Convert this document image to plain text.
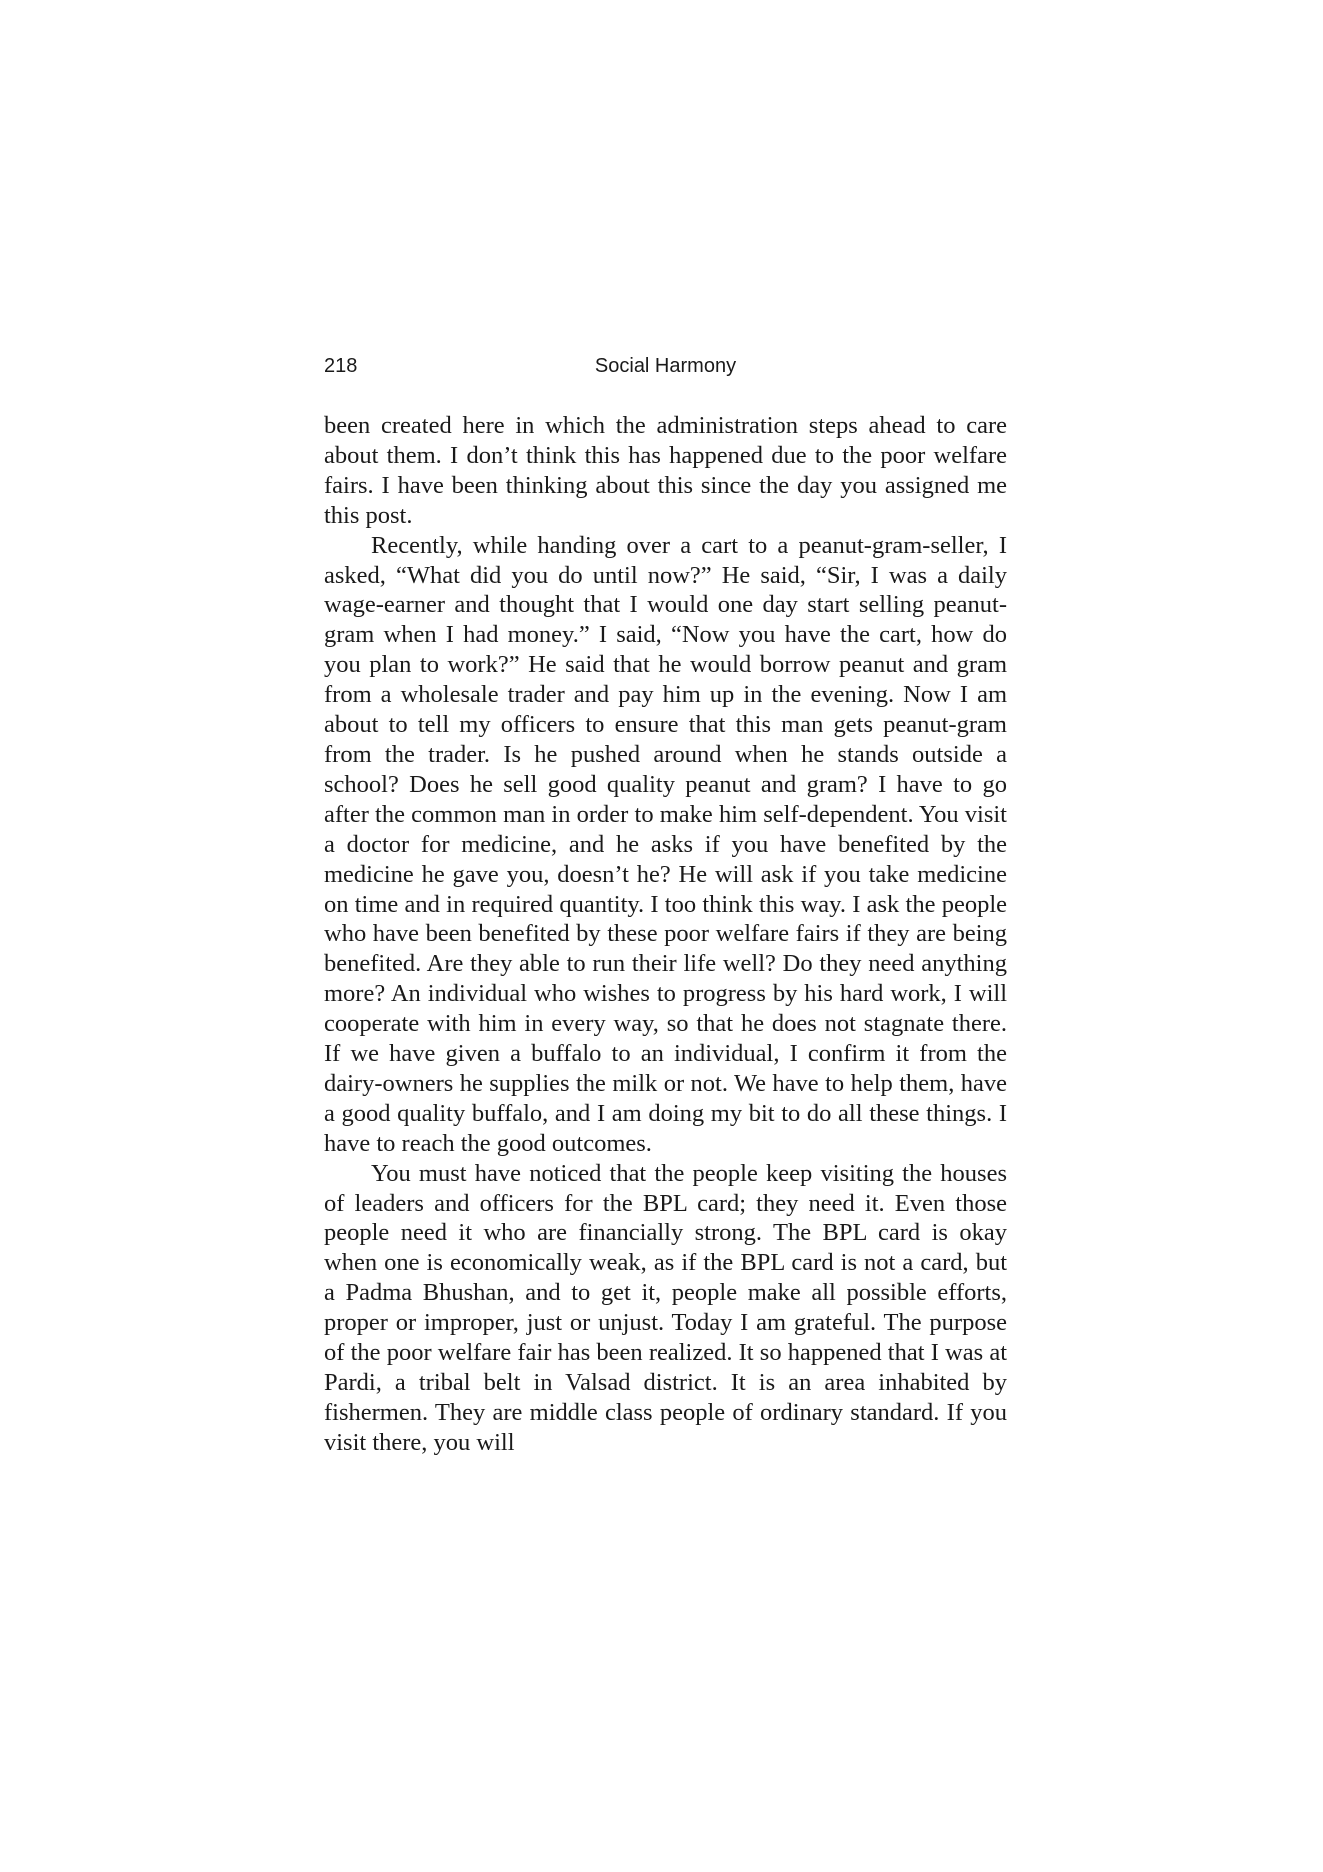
218	Social Harmony

been created here in which the administration steps ahead to care about them. I don’t think this has happened due to the poor welfare fairs. I have been thinking about this since the day you assigned me this post.

Recently, while handing over a cart to a peanut-gram-seller, I asked, “What did you do until now?” He said, “Sir, I was a daily wage-earner and thought that I would one day start selling peanut-gram when I had money.” I said, “Now you have the cart, how do you plan to work?” He said that he would borrow peanut and gram from a wholesale trader and pay him up in the evening. Now I am about to tell my officers to ensure that this man gets peanut-gram from the trader. Is he pushed around when he stands outside a school? Does he sell good quality peanut and gram? I have to go after the common man in order to make him self-dependent. You visit a doctor for medicine, and he asks if you have benefited by the medicine he gave you, doesn’t he? He will ask if you take medicine on time and in required quantity. I too think this way. I ask the people who have been benefited by these poor welfare fairs if they are being benefited. Are they able to run their life well? Do they need anything more? An individual who wishes to progress by his hard work, I will cooperate with him in every way, so that he does not stagnate there. If we have given a buffalo to an individual, I confirm it from the dairy-owners he supplies the milk or not. We have to help them, have a good quality buffalo, and I am doing my bit to do all these things. I have to reach the good outcomes.

You must have noticed that the people keep visiting the houses of leaders and officers for the BPL card; they need it. Even those people need it who are financially strong. The BPL card is okay when one is economically weak, as if the BPL card is not a card, but a Padma Bhushan, and to get it, people make all possible efforts, proper or improper, just or unjust. Today I am grateful. The purpose of the poor welfare fair has been realized. It so happened that I was at Pardi, a tribal belt in Valsad district. It is an area inhabited by fishermen. They are middle class people of ordinary standard. If you visit there, you will
